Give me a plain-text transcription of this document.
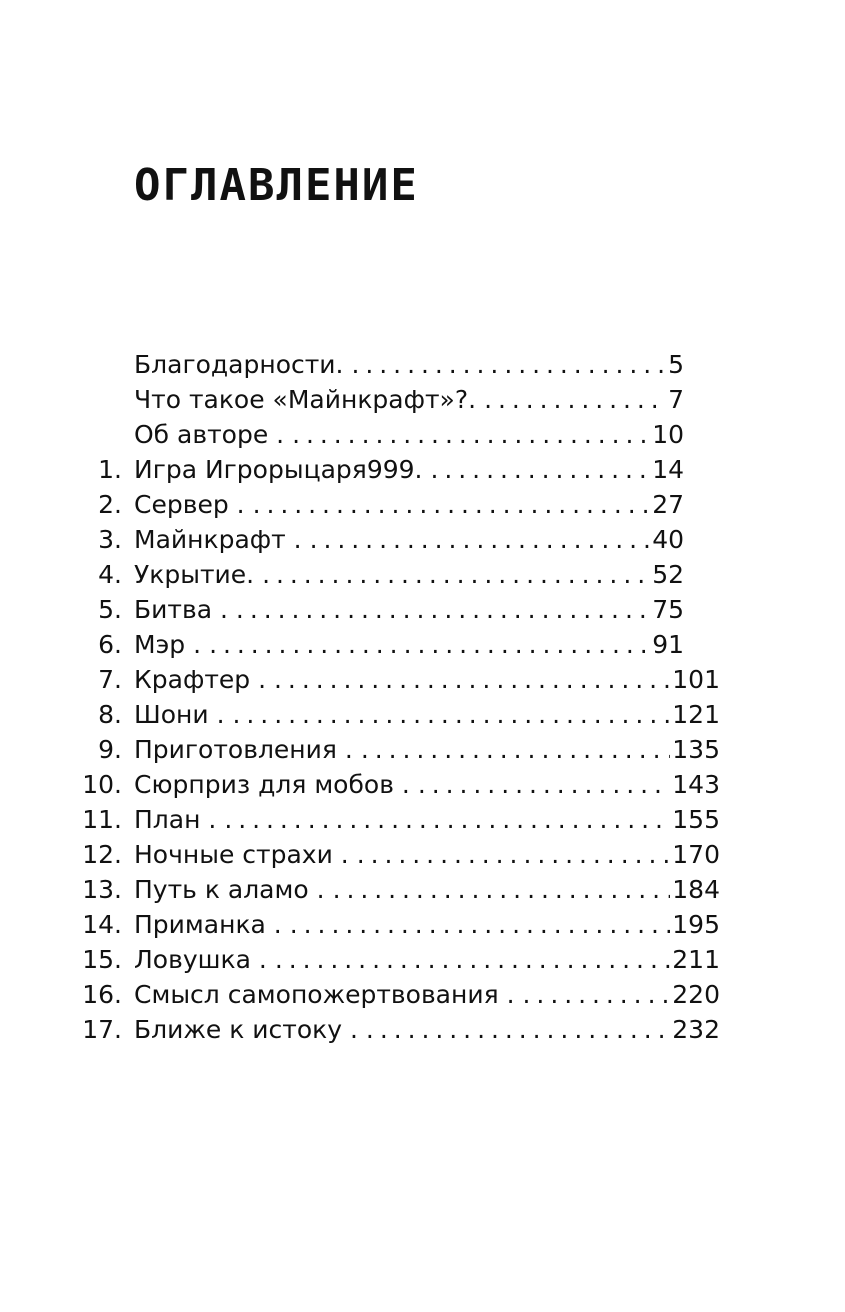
ОГЛАВЛЕНИЕ
Благодарности. . . .	5
Что такое «Майнкрафт»?. . . .	7
Об авторе . . . .	10
1. Игра Игрорыцаря999. . . .	14
2. Сервер . . . .	27
3. Майнкрафт . . . .	40
4. Укрытие. . . .	52
5. Битва . . . .	75
6. Мэр . . . .	91
7. Крафтер . . . .	101
8. Шони . . . .	121
9. Приготовления . . . .	135
10. Сюрприз для мобов . . . .	143
11. План . . . .	155
12. Ночные страхи . . . .	170
13. Путь к аламо . . . .	184
14. Приманка . . . .	195
15. Ловушка . . . .	211
16. Смысл самопожертвования . . . .	220
17. Ближе к истоку . . . .	232
